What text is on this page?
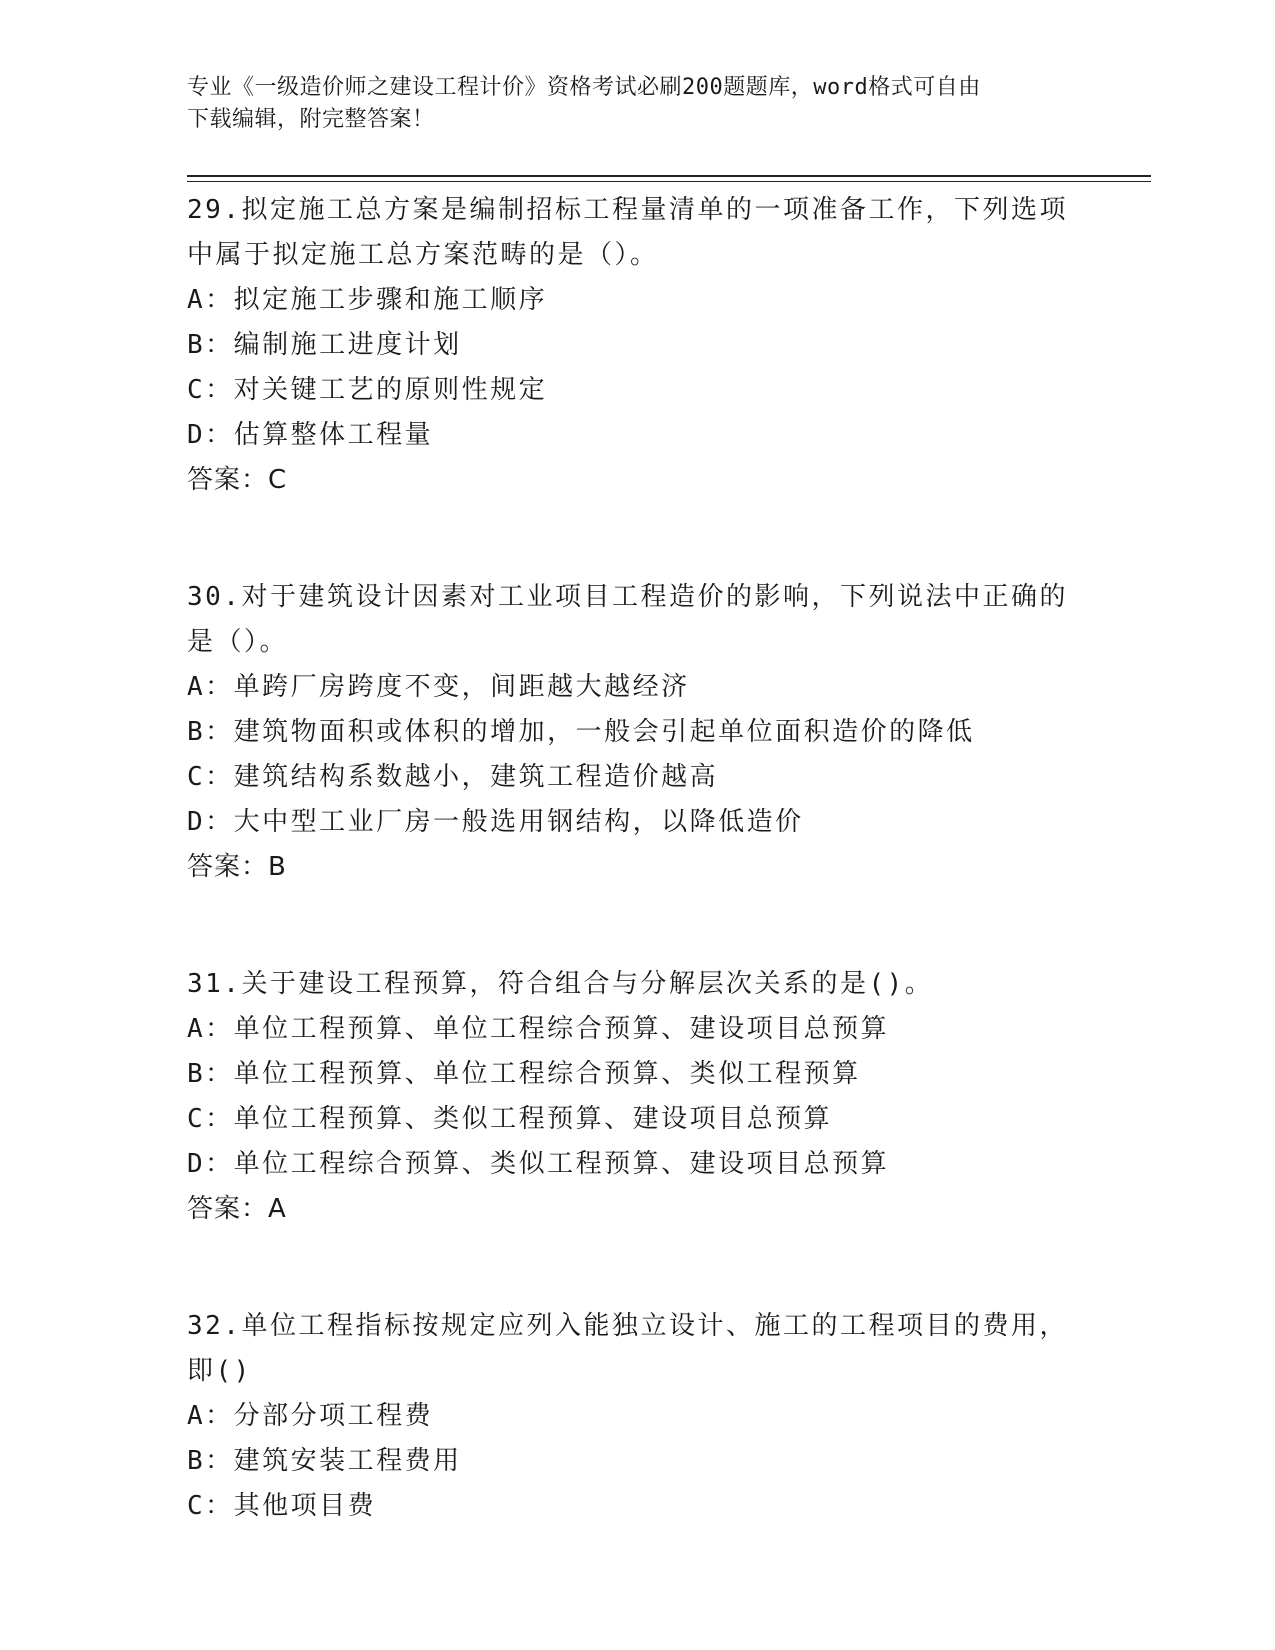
专业《一级造价师之建设工程计价》资格考试必刷200题题库，word格式可自由
下载编辑，附完整答案！
29.拟定施工总方案是编制招标工程量清单的一项准备工作，下列选项
中属于拟定施工总方案范畴的是（）。
A：拟定施工步骤和施工顺序
B：编制施工进度计划
C：对关键工艺的原则性规定
D：估算整体工程量
答案：C
30.对于建筑设计因素对工业项目工程造价的影响，下列说法中正确的
是（）。
A：单跨厂房跨度不变，间距越大越经济
B：建筑物面积或体积的增加，一般会引起单位面积造价的降低
C：建筑结构系数越小，建筑工程造价越高
D：大中型工业厂房一般选用钢结构，以降低造价
答案：B
31.关于建设工程预算，符合组合与分解层次关系的是()。
A：单位工程预算、单位工程综合预算、建设项目总预算
B：单位工程预算、单位工程综合预算、类似工程预算
C：单位工程预算、类似工程预算、建设项目总预算
D：单位工程综合预算、类似工程预算、建设项目总预算
答案：A
32.单位工程指标按规定应列入能独立设计、施工的工程项目的费用，
即()
A：分部分项工程费
B：建筑安装工程费用
C：其他项目费
